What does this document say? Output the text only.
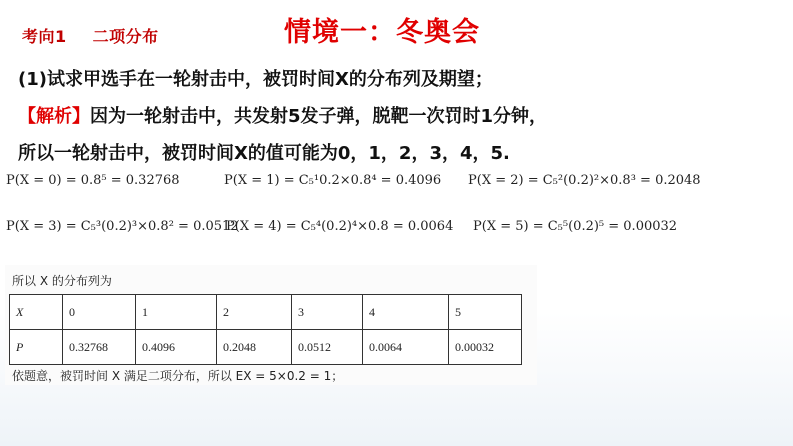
考向1 二项分布	情境一：冬奥会
(1)试求甲选手在一轮射击中，被罚时间X的分布列及期望；
【解析】因为一轮射击中，共发射5发子弹，脱靶一次罚时1分钟，
所以一轮射击中，被罚时间X的值可能为0，1，2，3，4，5.
P(X = 0) = 0.8⁵ = 0.32768	P(X = 1) = C₅¹0.2×0.8⁴ = 0.4096 P(X = 2) = C₅²(0.2)²×0.8³ = 0.2048
P(X = 3) = C₅³(0.2)³×0.8² = 0.0512
P(X = 4) = C₅⁴(0.2)⁴×0.8 = 0.0064 P(X = 5) = C₅⁵(0.2)⁵ = 0.00032
所以 X 的分布列为
X	0	1	2	3	4	5
P	0.32768	0.4096	0.2048	0.0512	0.0064	0.00032
依题意，被罚时间 X 满足二项分布，所以 EX = 5×0.2 = 1；
